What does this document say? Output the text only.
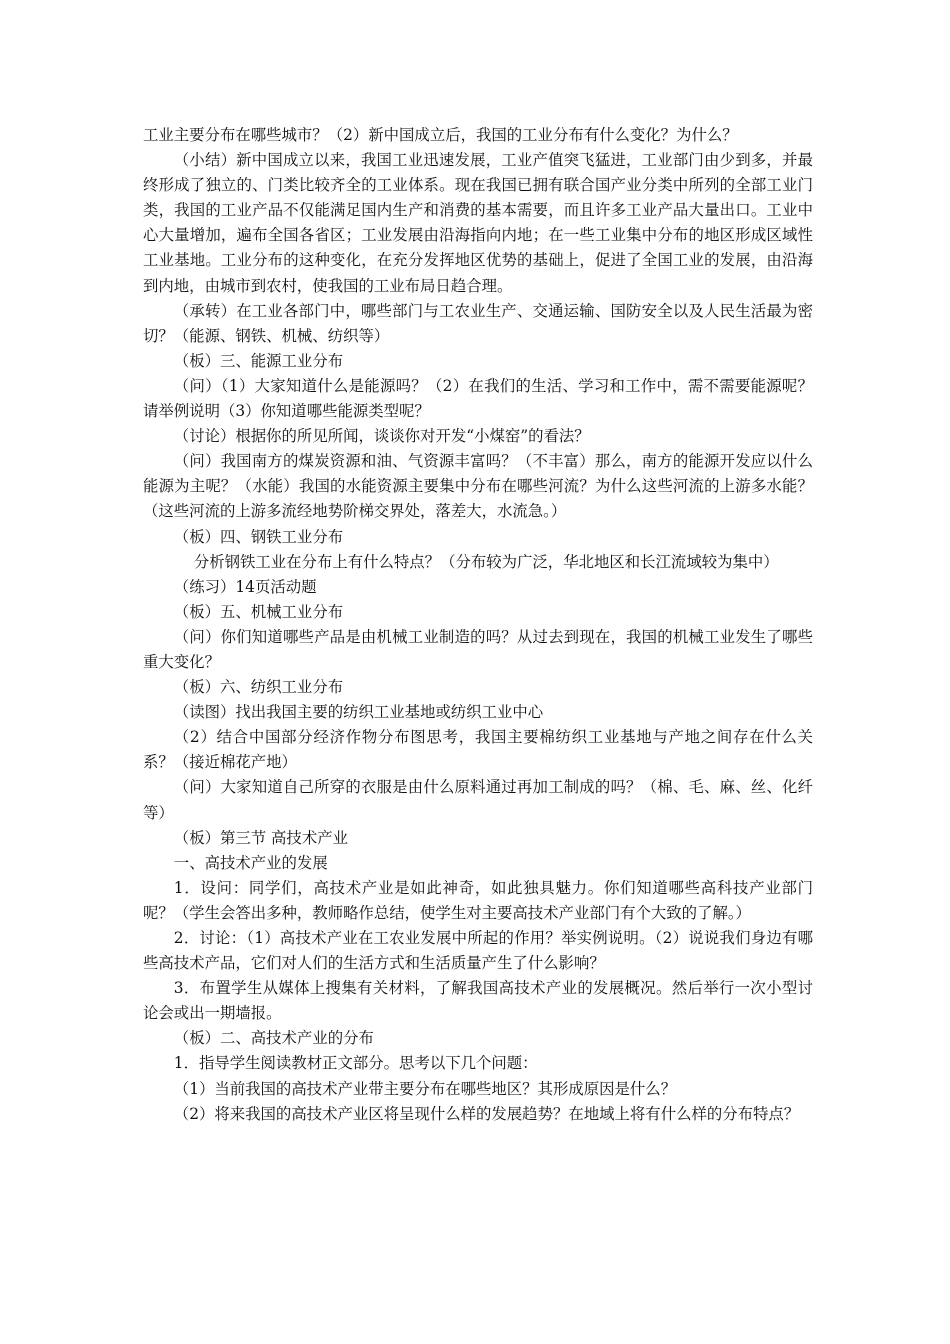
工业主要分布在哪些城市？（2）新中国成立后，我国的工业分布有什么变化？为什么？

（小结）新中国成立以来，我国工业迅速发展，工业产值突飞猛进，工业部门由少到多，并最终形成了独立的、门类比较齐全的工业体系。现在我国已拥有联合国产业分类中所列的全部工业门类，我国的工业产品不仅能满足国内生产和消费的基本需要，而且许多工业产品大量出口。工业中心大量增加，遍布全国各省区；工业发展由沿海指向内地；在一些工业集中分布的地区形成区域性工业基地。工业分布的这种变化，在充分发挥地区优势的基础上，促进了全国工业的发展，由沿海到内地，由城市到农村，使我国的工业布局日趋合理。

（承转）在工业各部门中，哪些部门与工农业生产、交通运输、国防安全以及人民生活最为密切？（能源、钢铁、机械、纺织等）

（板）三、能源工业分布

（问）（1）大家知道什么是能源吗？（2）在我们的生活、学习和工作中，需不需要能源呢？请举例说明（3）你知道哪些能源类型呢？

（讨论）根据你的所见所闻，谈谈你对开发“小煤窑”的看法？

（问）我国南方的煤炭资源和油、气资源丰富吗？（不丰富）那么，南方的能源开发应以什么能源为主呢？（水能）我国的水能资源主要集中分布在哪些河流？为什么这些河流的上游多水能？（这些河流的上游多流经地势阶梯交界处，落差大，水流急。）

（板）四、钢铁工业分布

分析钢铁工业在分布上有什么特点？（分布较为广泛，华北地区和长江流域较为集中）

（练习）14页活动题

（板）五、机械工业分布

（问）你们知道哪些产品是由机械工业制造的吗？从过去到现在，我国的机械工业发生了哪些重大变化？

（板）六、纺织工业分布

（读图）找出我国主要的纺织工业基地或纺织工业中心

（2）结合中国部分经济作物分布图思考，我国主要棉纺织工业基地与产地之间存在什么关系？（接近棉花产地）

（问）大家知道自己所穿的衣服是由什么原料通过再加工制成的吗？（棉、毛、麻、丝、化纤等）

（板）第三节 高技术产业

一、高技术产业的发展

1．设问：同学们，高技术产业是如此神奇，如此独具魅力。你们知道哪些高科技产业部门呢？（学生会答出多种，教师略作总结，使学生对主要高技术产业部门有个大致的了解。）

2．讨论：（1）高技术产业在工农业发展中所起的作用？举实例说明。（2）说说我们身边有哪些高技术产品，它们对人们的生活方式和生活质量产生了什么影响？

3．布置学生从媒体上搜集有关材料，了解我国高技术产业的发展概况。然后举行一次小型讨论会或出一期墙报。

（板）二、高技术产业的分布

1．指导学生阅读教材正文部分。思考以下几个问题：

（1）当前我国的高技术产业带主要分布在哪些地区？其形成原因是什么？

（2）将来我国的高技术产业区将呈现什么样的发展趋势？在地域上将有什么样的分布特点？
